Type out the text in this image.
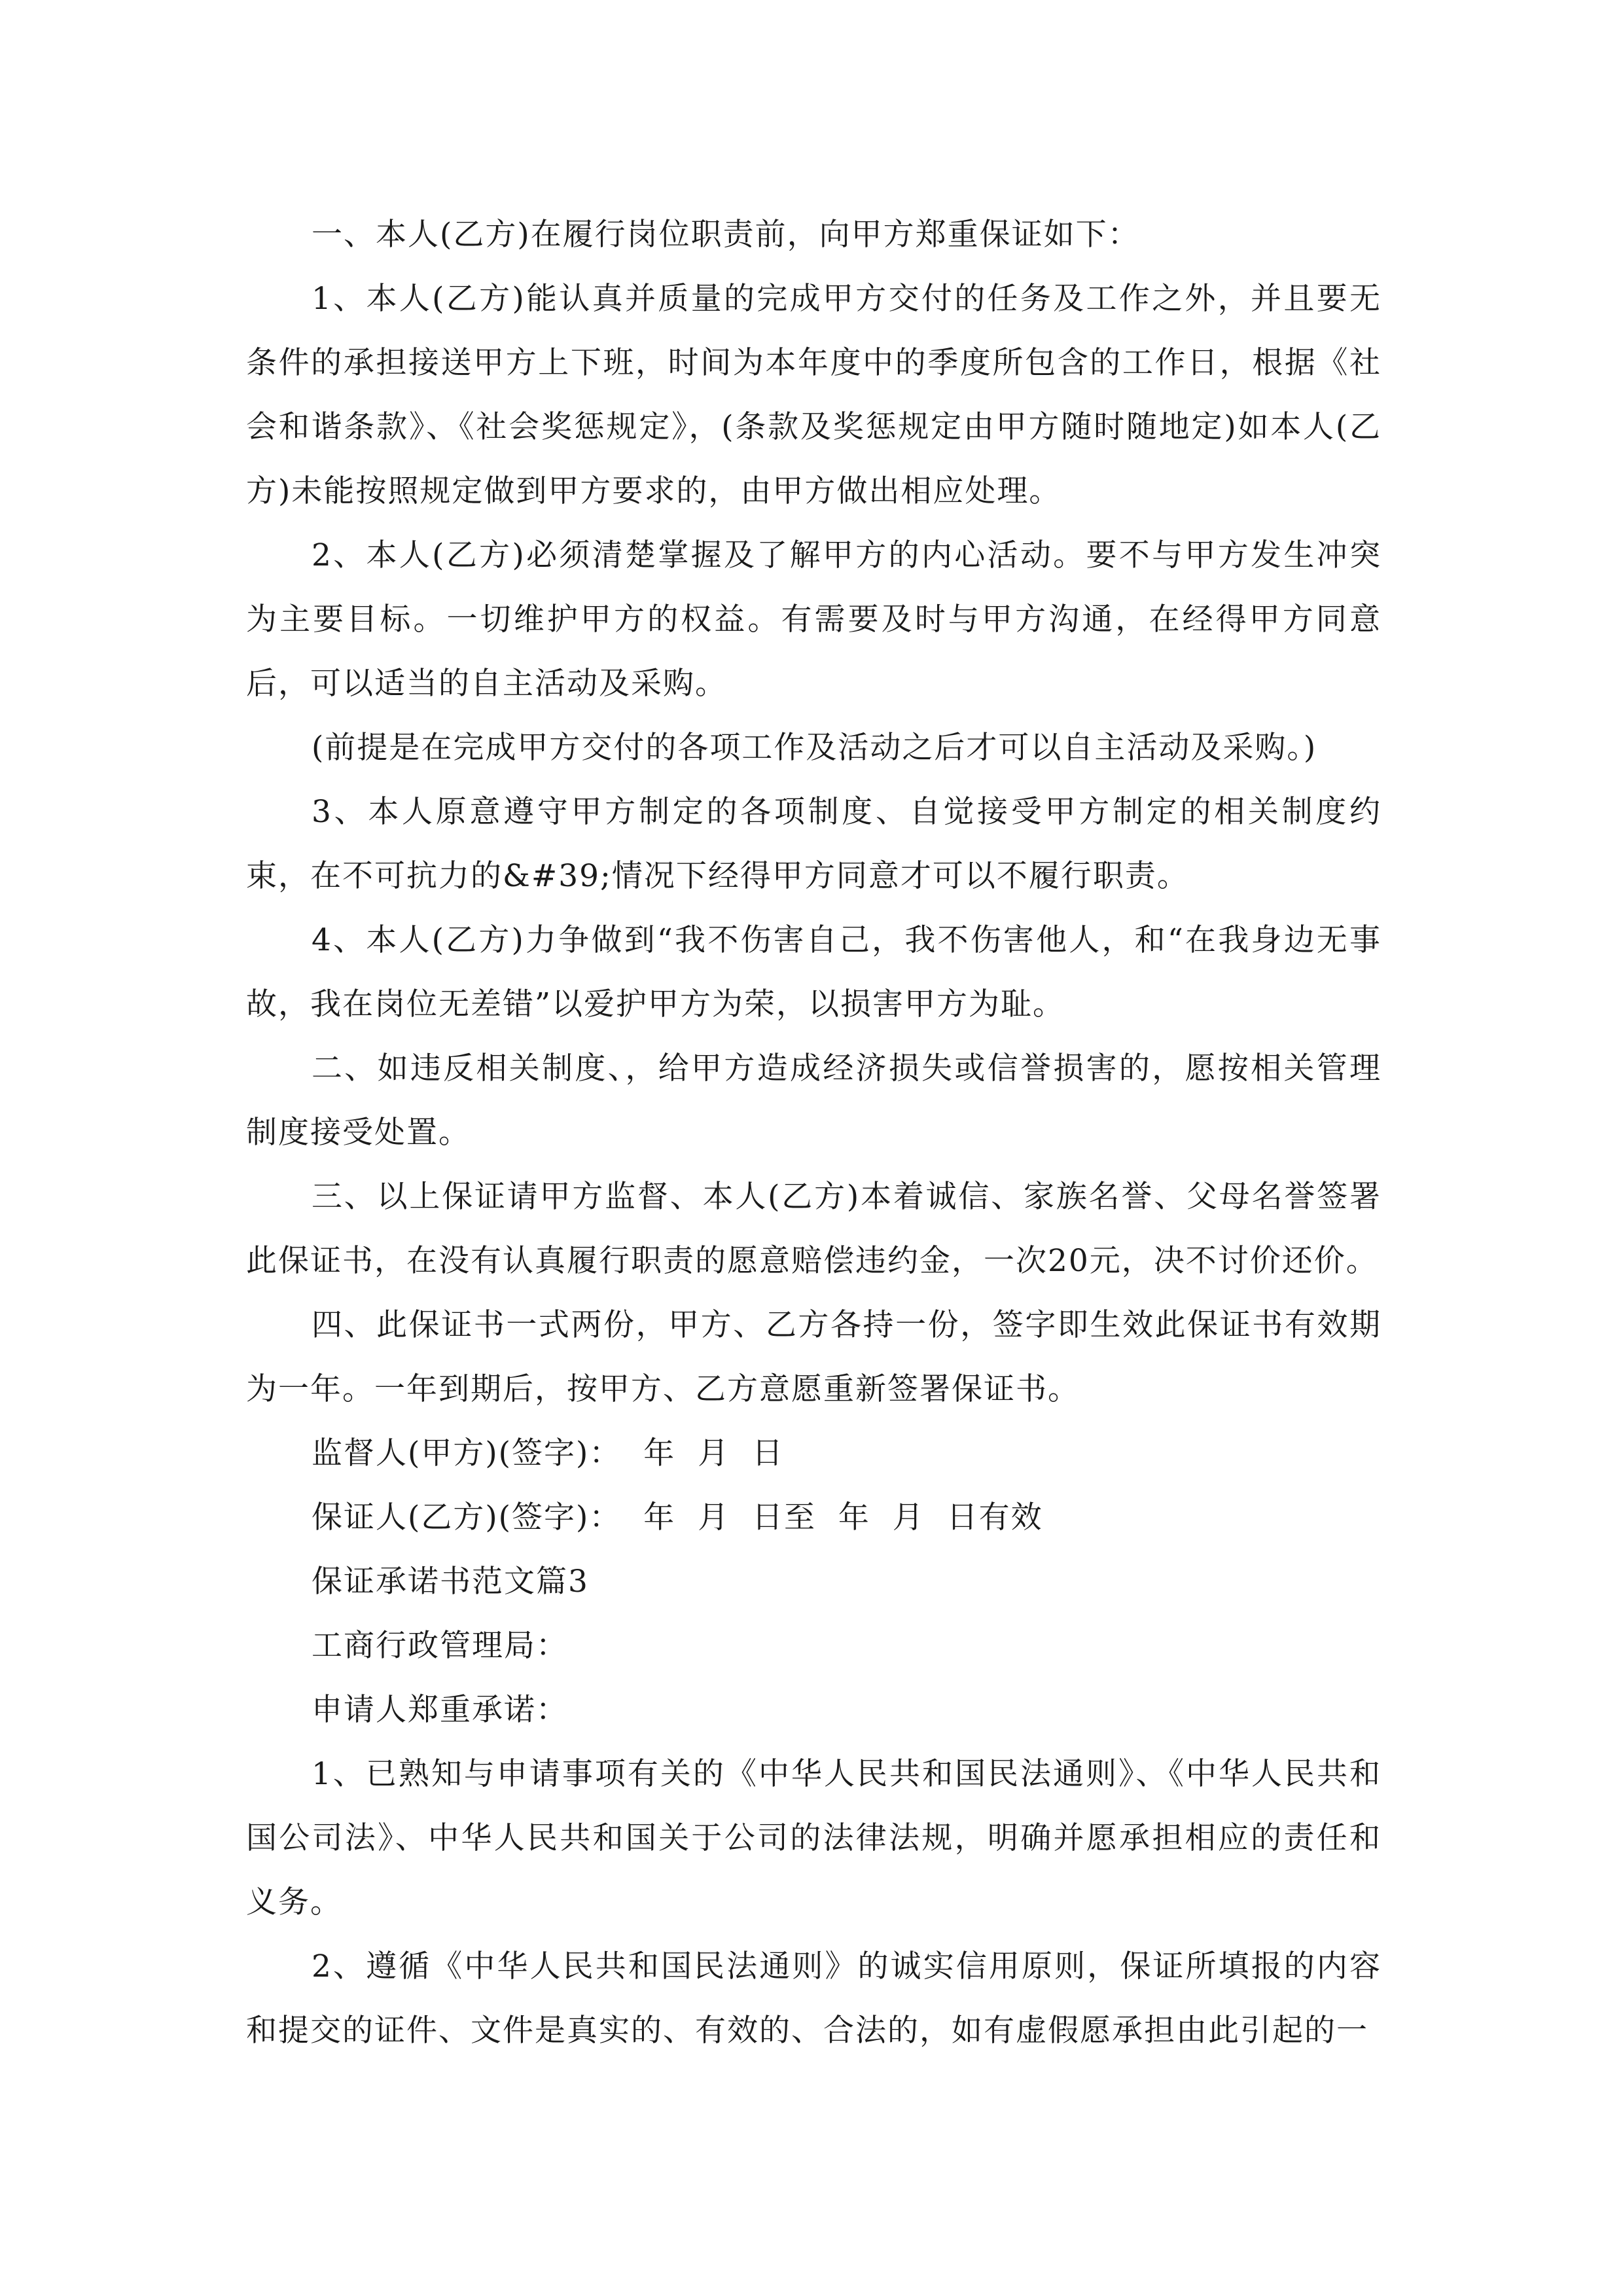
一、本人(乙方)在履行岗位职责前，向甲方郑重保证如下：

1、本人(乙方)能认真并质量的完成甲方交付的任务及工作之外，并且要无条件的承担接送甲方上下班，时间为本年度中的季度所包含的工作日，根据《社会和谐条款》、《社会奖惩规定》，(条款及奖惩规定由甲方随时随地定)如本人(乙方)未能按照规定做到甲方要求的，由甲方做出相应处理。

2、本人(乙方)必须清楚掌握及了解甲方的内心活动。要不与甲方发生冲突为主要目标。一切维护甲方的权益。有需要及时与甲方沟通，在经得甲方同意后，可以适当的自主活动及采购。

(前提是在完成甲方交付的各项工作及活动之后才可以自主活动及采购。)

3、本人原意遵守甲方制定的各项制度、自觉接受甲方制定的相关制度约束，在不可抗力的&#39;情况下经得甲方同意才可以不履行职责。

4、本人(乙方)力争做到“我不伤害自己，我不伤害他人，和“在我身边无事故，我在岗位无差错”以爱护甲方为荣，以损害甲方为耻。

二、如违反相关制度、，给甲方造成经济损失或信誉损害的，愿按相关管理制度接受处置。

三、以上保证请甲方监督、本人(乙方)本着诚信、家族名誉、父母名誉签署此保证书，在没有认真履行职责的愿意赔偿违约金，一次20元，决不讨价还价。

四、此保证书一式两份，甲方、乙方各持一份，签字即生效此保证书有效期为一年。一年到期后，按甲方、乙方意愿重新签署保证书。

监督人(甲方)(签字)：  年  月  日

保证人(乙方)(签字)：  年  月  日至  年  月  日有效

保证承诺书范文篇3

工商行政管理局：

申请人郑重承诺：

1、已熟知与申请事项有关的《中华人民共和国民法通则》、《中华人民共和国公司法》、中华人民共和国关于公司的法律法规，明确并愿承担相应的责任和义务。

2、遵循《中华人民共和国民法通则》的诚实信用原则，保证所填报的内容和提交的证件、文件是真实的、有效的、合法的，如有虚假愿承担由此引起的一
